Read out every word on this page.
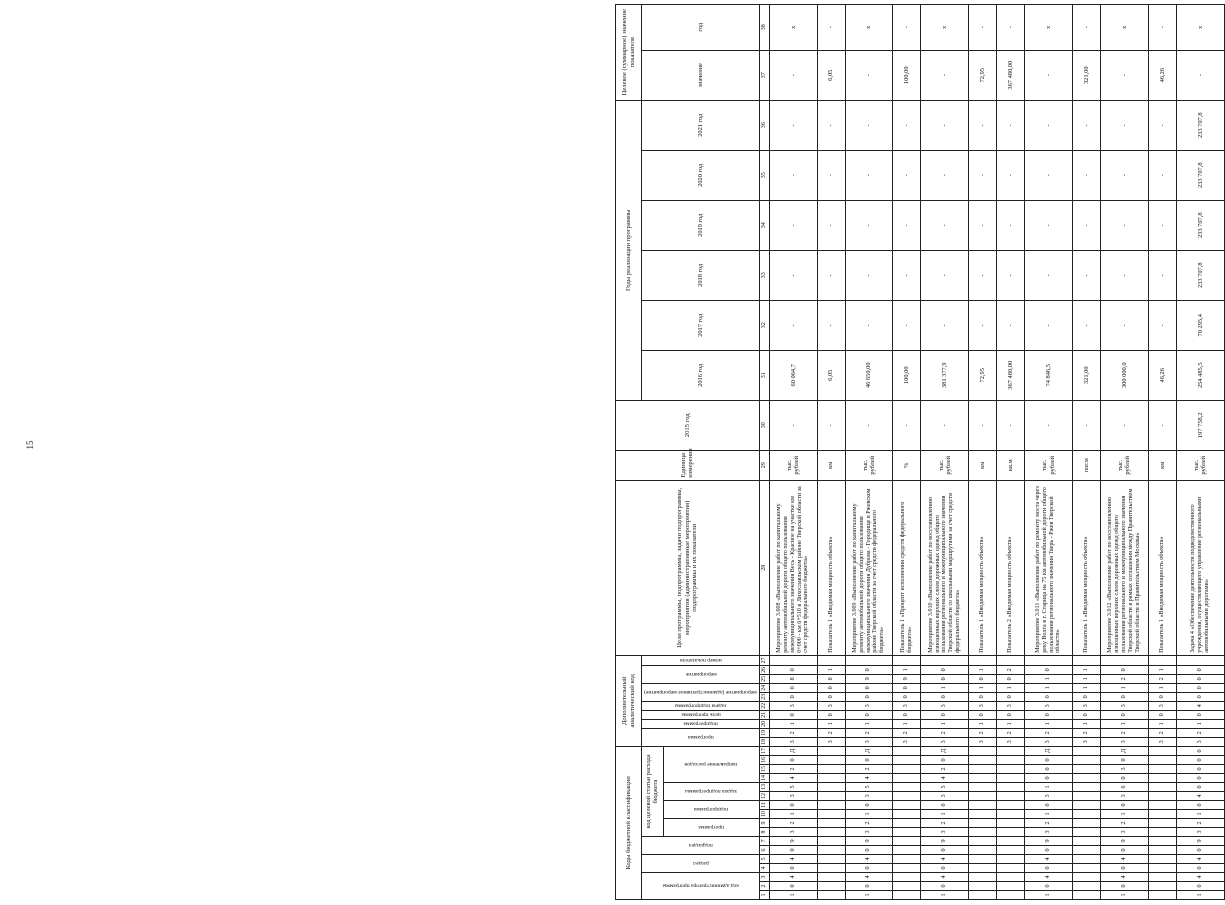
15
Коды бюджетной классификации																	Дополнительный аналитический код										Цели программы, подпрограммы, задачи подпрограммы, мероприятия (административные мероприятия) подпрограммы и их показатели	Единица измерения	2015 год	Годы реализации программы						Целевое (суммарное) значение показателя	
код администратора программы			раздел		подраздел		код целевой статьи расхода бюджета										программа		подпрограмма	цель программы	задача подпрограммы	мероприятие (административное мероприятие)		мероприятие		номер показателя				2016 год	2017 год	2018 год	2019 год	2020 год	2021 год	значение	год
							программа		подпрограмма		задача подпрограммы		направление расходов																								
1	2	3	4	5	6	7	8	9	10	11	12	13	14	15	16	17	18	19	20	21	22	23	24	25	26	27	28	29	30	31	32	33	34	35	36	37	38
1	0	4	0	4	0	9	3	2	1	0	3	5	4	2	0	Д	3	2	1	0	3	0	0	8	0		Мероприятие 3.008 «Выполнение работ по капитальному ремонту автомобильной дороги общего пользования межмуниципального значения Весь - Красное на участке км 0+000 - км 6+510 в Лихославльском районе Тверской области за счет средств федерального бюджета»	тыс. рублей	-	60 064,7	-	-	-	-	-	-	х
																	3	2	1	0	3	0	0	8	1		Показатель 1 «Вводимая мощность объекта»	км	-	6,05	-	-	-	-	-	6,05	-
1	0	4	0	4	0	9	3	2	1	0	3	5	4	2	0	Д	3	2	1	0	3	0	0	9	0		Мероприятие 3.009 «Выполнение работ по капитальному ремонту автомобильной дороги общего пользования межмуниципального значения Дуброва - Городище в Ржевском районе Тверской области за счет средств федерального бюджета»	тыс. рублей	-	46 650,00	-	-	-	-	-	-	х
																	3	2	1	0	3	0	0	9	1		Показатель 1 «Процент исполнения средств федерального бюджета»	%	-	100,00	-	-	-	-	-	100,00	-
1	0	4	0	4	0	9	3	2	1	0	3	5	4	2	0	Д	3	2	1	0	3	0	1	0	0		Мероприятие 3.010 «Выполнение работ по восстановлению изношенных верхних слоев дорожных одежд общего пользования регионального и межмуниципального значения Тверской области со школьными маршрутами за счет средств федерального бюджета»	тыс. рублей	-	381 377,9	-	-	-	-	-	-	х
																	3	2	1	0	3	0	1	0	1		Показатель 1 «Вводимая мощность объекта»	км	-	72,95	-	-	-	-	-	72,95	-
																	3	2	1	0	3	0	1	0	2		Показатель 2 «Вводимая мощность объекта»	кв.м	-	367 480,00	-	-	-	-	-	367 480,00	-
1	0	4	0	4	0	9	3	2	1	0	3	1	0	0	0	Д	3	2	1	0	3	0	1	1	0		Мероприятие 3.011 «Выполнение работ по ремонту моста через реку Волга в г. Старица на 75 км автомобильной дороги общего пользования регионального значения Тверь - Ржев Тверской области»	тыс. рублей	-	74 846,5	-	-	-	-	-	-	х
																	3	2	1	0	3	0	1	1	1		Показатель 1 «Вводимая мощность объекта»	пог.м	-	321,00	-	-	-	-	-	321,00	-
1	0	4	0	4	0	9	3	2	1	0	3	6	0	3	0	Д	3	2	1	0	3	0	1	2	0		Мероприятие 3.012 «Выполнение работ по восстановлению изношенных верхних слоев дорожных одежд общего пользования регионального и межмуниципального значения Тверской области в рамках соглашения между Правительством Тверской области и Правительством Москвы»	тыс. рублей	-	300 000,0	-	-	-	-	-	-	х
																	3	2	1	0	3	0	1	2	1		Показатель 1 «Вводимая мощность объекта»	км	-	46,26	-	-	-	-	-	46,26	-
1	0	4	0	4	0	9	3	2	1	0	4	0	0	0	0	0	3	2	1	0	4	0	0	0	0		Задача 4 «Обеспечение деятельности подведомственного учреждения, осуществляющего управление региональными автомобильными дорогами»	тыс. рублей	197 758,2	254 485,5	70 295,4	233 707,8	233 707,8	233 707,8	233 707,8	-	х
